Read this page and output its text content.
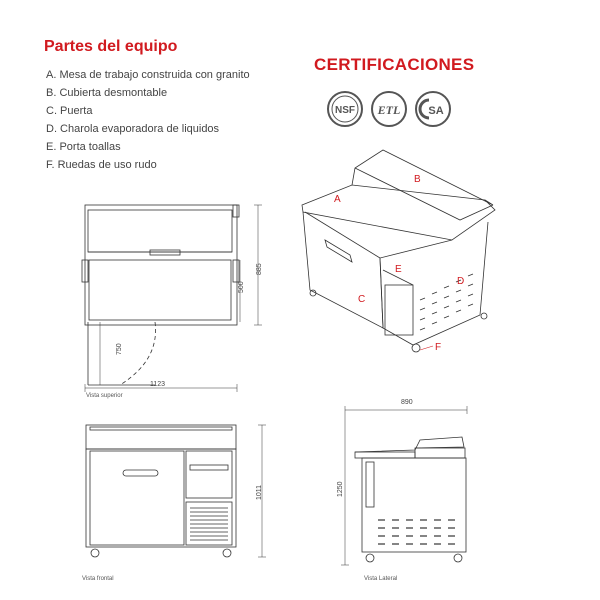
Partes del equipo
A. Mesa de trabajo construida con granito
B. Cubierta desmontable
C. Puerta
D. Charola evaporadora de liquidos
E. Porta toallas
F. Ruedas de uso rudo
CERTIFICACIONES
NSF ETL	SA
A
B
C
D
E
F
1123
885
500
750
1011
890
1250
Vista superior
Vista frontal	Vista Lateral
